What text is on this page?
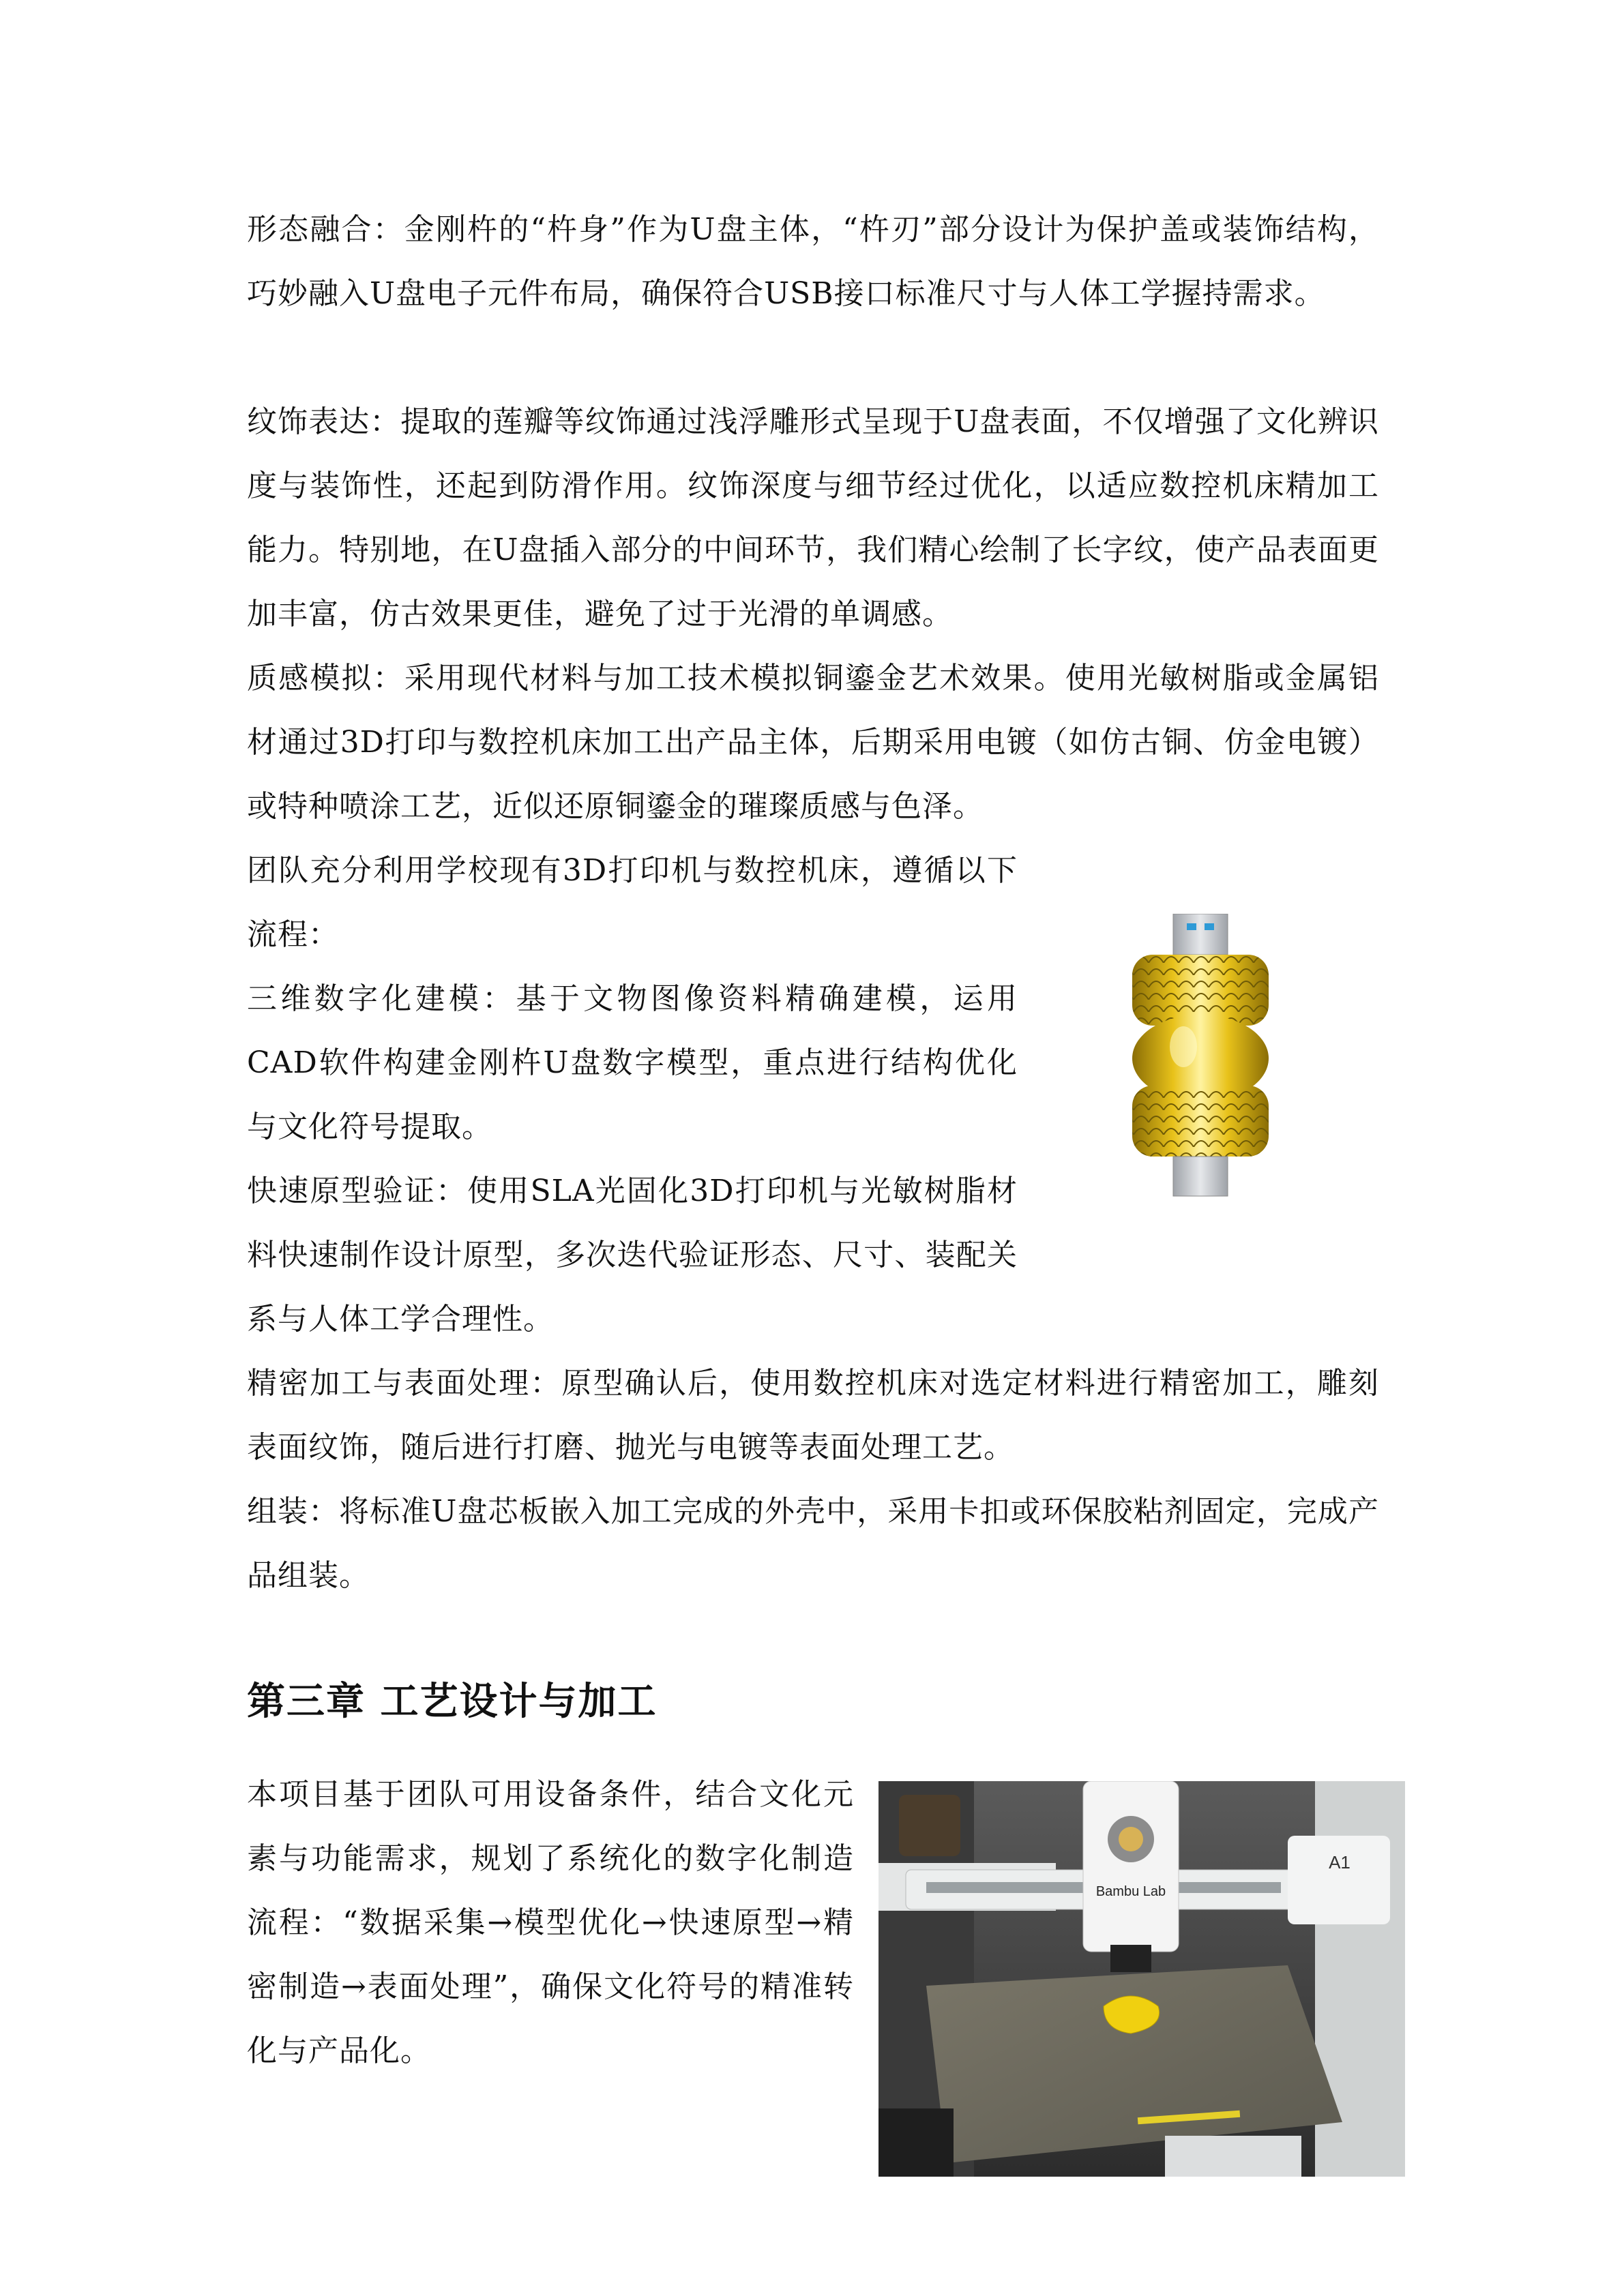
形态融合：金刚杵的“杵身”作为U盘主体，“杵刃”部分设计为保护盖或装饰结构，巧妙融入U盘电子元件布局，确保符合USB接口标准尺寸与人体工学握持需求。

纹饰表达：提取的莲瓣等纹饰通过浅浮雕形式呈现于U盘表面，不仅增强了文化辨识度与装饰性，还起到防滑作用。纹饰深度与细节经过优化，以适应数控机床精加工能力。特别地，在U盘插入部分的中间环节，我们精心绘制了长字纹，使产品表面更加丰富，仿古效果更佳，避免了过于光滑的单调感。

质感模拟：采用现代材料与加工技术模拟铜鎏金艺术效果。使用光敏树脂或金属铝材通过3D打印与数控机床加工出产品主体，后期采用电镀（如仿古铜、仿金电镀）或特种喷涂工艺，近似还原铜鎏金的璀璨质感与色泽。

团队充分利用学校现有3D打印机与数控机床，遵循以下流程：

三维数字化建模：基于文物图像资料精确建模，运用CAD软件构建金刚杵U盘数字模型，重点进行结构优化与文化符号提取。

快速原型验证：使用SLA光固化3D打印机与光敏树脂材料快速制作设计原型，多次迭代验证形态、尺寸、装配关系与人体工学合理性。

精密加工与表面处理：原型确认后，使用数控机床对选定材料进行精密加工，雕刻表面纹饰，随后进行打磨、抛光与电镀等表面处理工艺。

组装：将标准U盘芯板嵌入加工完成的外壳中，采用卡扣或环保胶粘剂固定，完成产品组装。

第三章 工艺设计与加工

本项目基于团队可用设备条件，结合文化元素与功能需求，规划了系统化的数字化制造流程：“数据采集→模型优化→快速原型→精密制造→表面处理”，确保文化符号的精准转化与产品化。

A1
Bambu Lab
